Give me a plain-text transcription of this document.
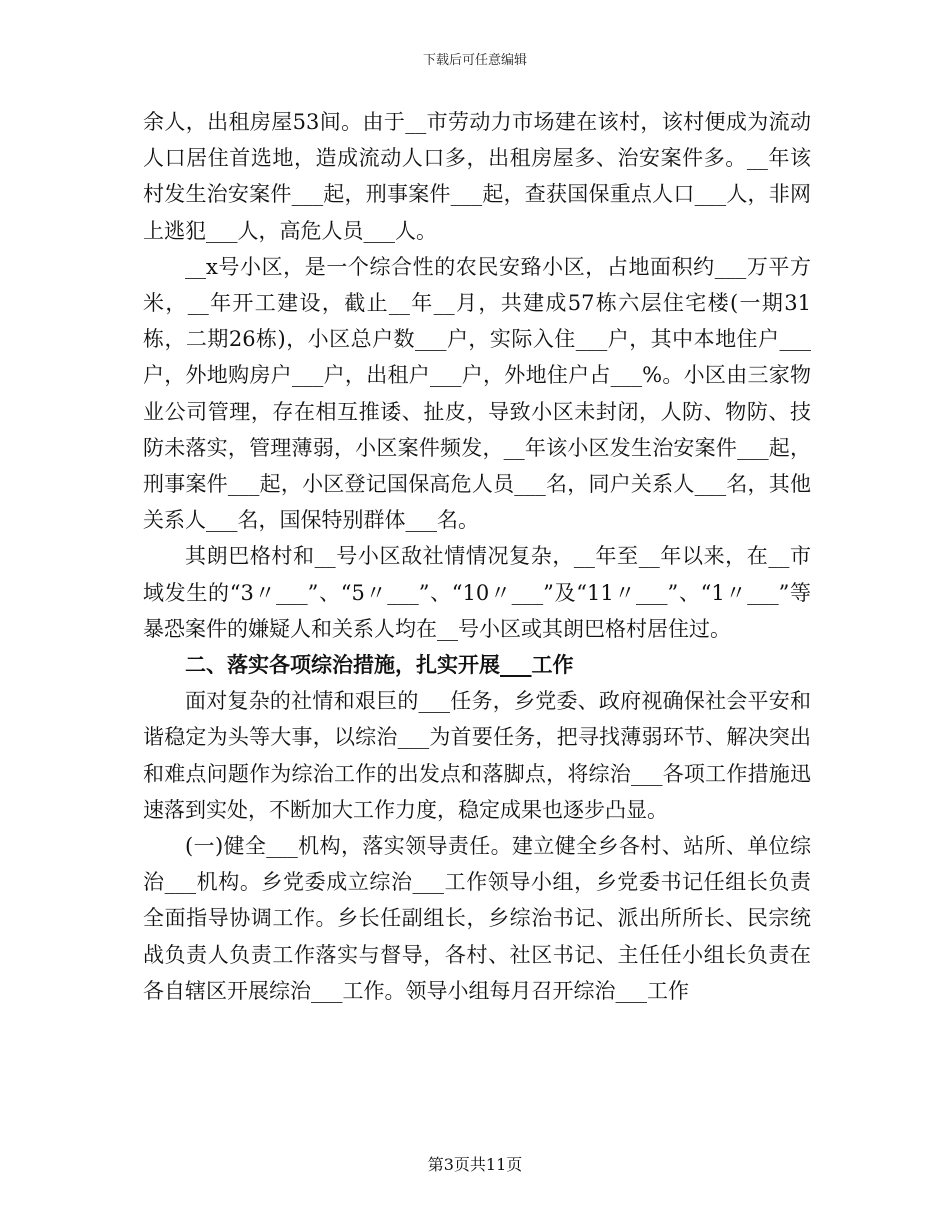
下载后可任意编辑

余人，出租房屋53间。由于__市劳动力市场建在该村，该村便成为流动人口居住首选地，造成流动人口多，出租房屋多、治安案件多。__年该村发生治安案件___起，刑事案件___起，查获国保重点人口___人，非网上逃犯___人，高危人员___人。

__x号小区，是一个综合性的农民安臵小区，占地面积约___万平方米，__年开工建设，截止__年__月，共建成57栋六层住宅楼(一期31栋，二期26栋)，小区总户数___户，实际入住___户，其中本地住户___户，外地购房户___户，出租户___户，外地住户占___%。小区由三家物业公司管理，存在相互推诿、扯皮，导致小区未封闭，人防、物防、技防未落实，管理薄弱，小区案件频发，__年该小区发生治安案件___起，刑事案件___起，小区登记国保高危人员___名，同户关系人___名，其他关系人___名，国保特别群体___名。

其朗巴格村和__号小区敌社情情况复杂，__年至__年以来，在__市域发生的“3〃___”、“5〃___”、“10〃___”及“11〃___”、“1〃___”等暴恐案件的嫌疑人和关系人均在__号小区或其朗巴格村居住过。

二、落实各项综治措施，扎实开展___工作

面对复杂的社情和艰巨的___任务，乡党委、政府视确保社会平安和谐稳定为头等大事，以综治___为首要任务，把寻找薄弱环节、解决突出和难点问题作为综治工作的出发点和落脚点，将综治___各项工作措施迅速落到实处，不断加大工作力度，稳定成果也逐步凸显。

(一)健全___机构，落实领导责任。建立健全乡各村、站所、单位综治___机构。乡党委成立综治___工作领导小组，乡党委书记任组长负责全面指导协调工作。乡长任副组长，乡综治书记、派出所所长、民宗统战负责人负责工作落实与督导，各村、社区书记、主任任小组长负责在各自辖区开展综治___工作。领导小组每月召开综治___工作

第3页共11页
